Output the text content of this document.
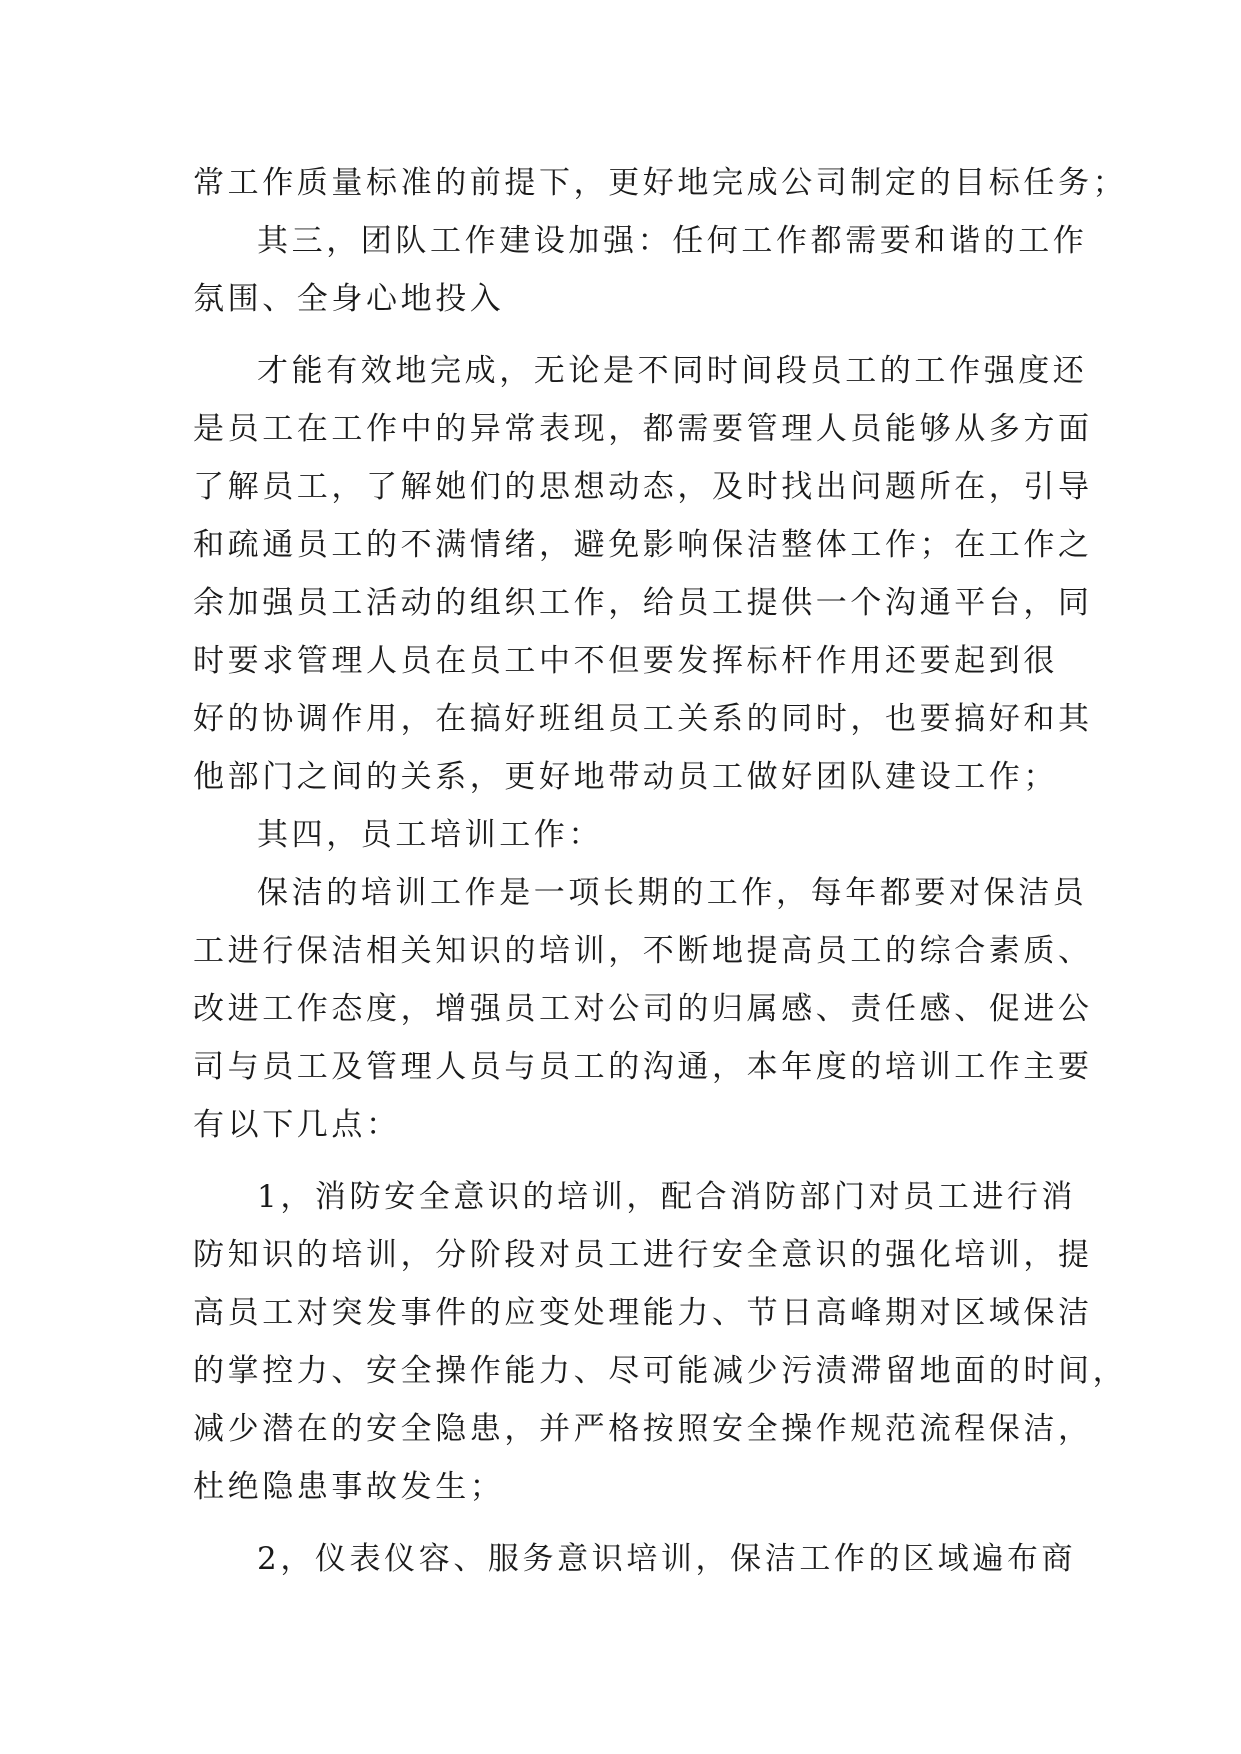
常工作质量标准的前提下，更好地完成公司制定的目标任务；
其三，团队工作建设加强：任何工作都需要和谐的工作
氛围、全身心地投入
才能有效地完成，无论是不同时间段员工的工作强度还
是员工在工作中的异常表现，都需要管理人员能够从多方面
了解员工，了解她们的思想动态，及时找出问题所在，引导
和疏通员工的不满情绪，避免影响保洁整体工作；在工作之
余加强员工活动的组织工作，给员工提供一个沟通平台，同
时要求管理人员在员工中不但要发挥标杆作用还要起到很
好的协调作用，在搞好班组员工关系的同时，也要搞好和其
他部门之间的关系，更好地带动员工做好团队建设工作；
其四，员工培训工作：
保洁的培训工作是一项长期的工作，每年都要对保洁员
工进行保洁相关知识的培训，不断地提高员工的综合素质、
改进工作态度，增强员工对公司的归属感、责任感、促进公
司与员工及管理人员与员工的沟通，本年度的培训工作主要
有以下几点：
1，消防安全意识的培训，配合消防部门对员工进行消
防知识的培训，分阶段对员工进行安全意识的强化培训，提
高员工对突发事件的应变处理能力、节日高峰期对区域保洁
的掌控力、安全操作能力、尽可能减少污渍滞留地面的时间，
减少潜在的安全隐患，并严格按照安全操作规范流程保洁，
杜绝隐患事故发生；
2，仪表仪容、服务意识培训，保洁工作的区域遍布商
